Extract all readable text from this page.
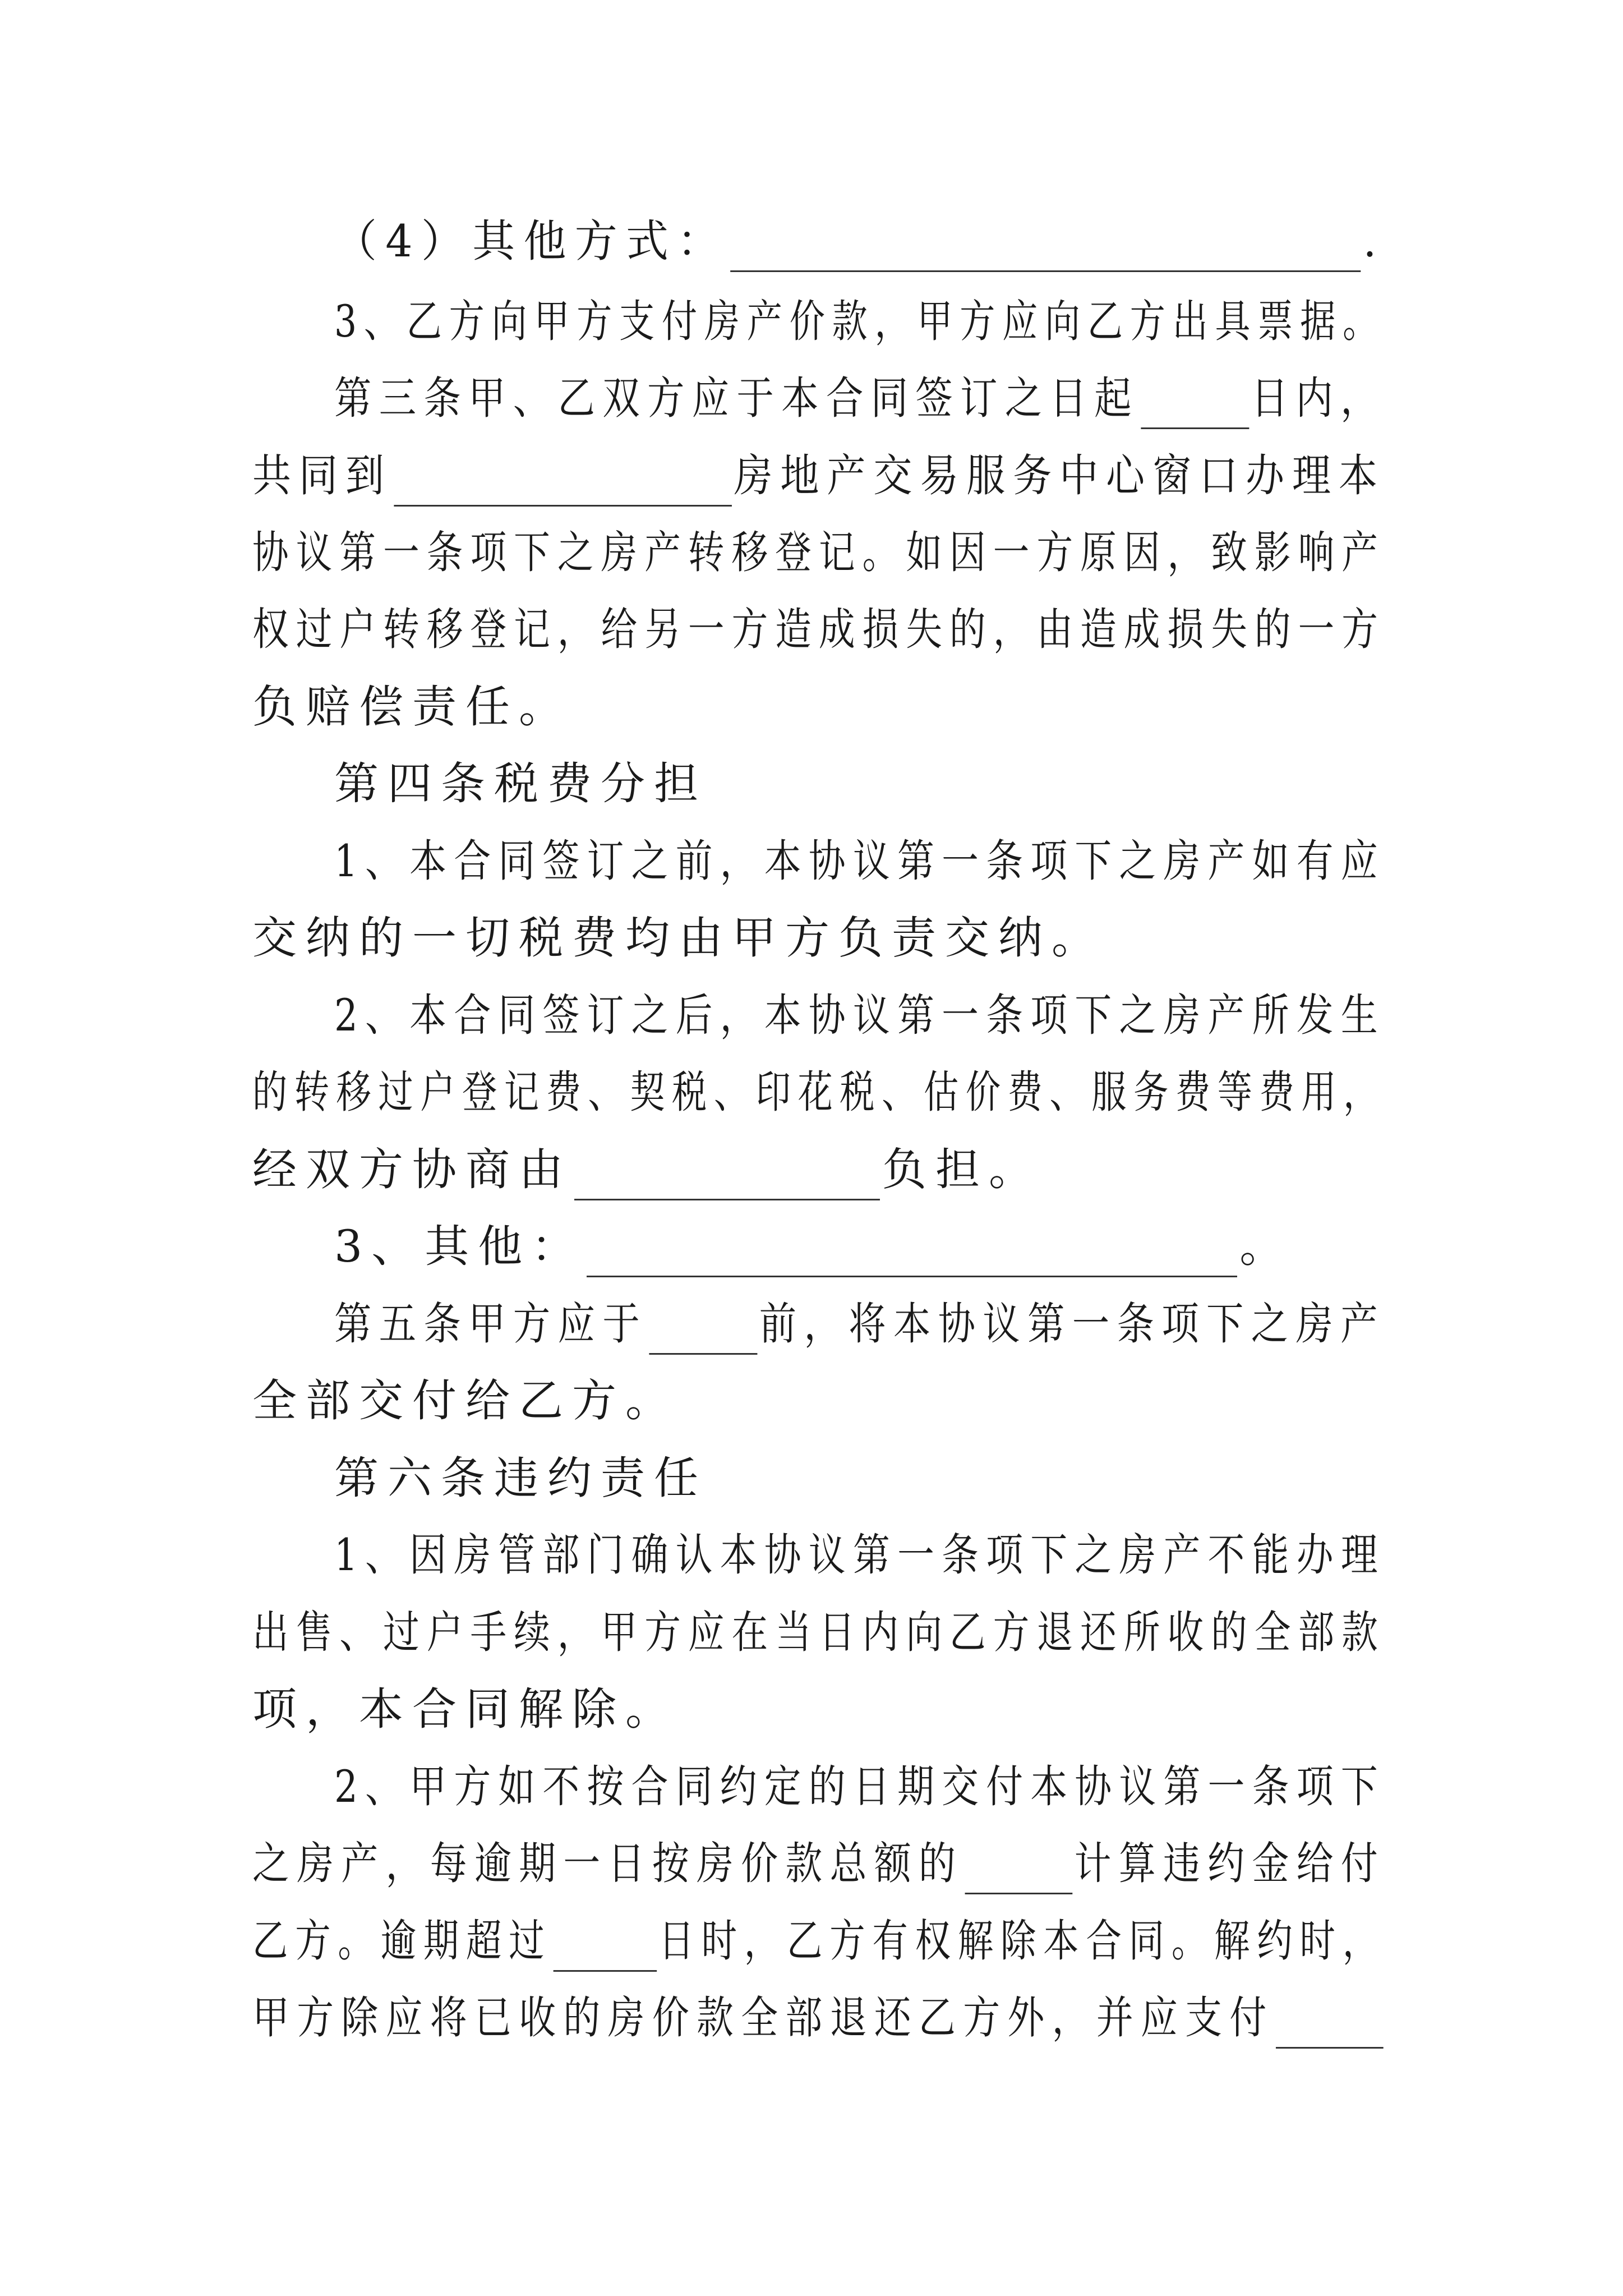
（4）其他方式：	.
3、乙方向甲方支付房产价款，甲方应向乙方出具票据。
第三条甲、乙双方应于本合同签订之日起	日内，
共同到	房地产交易服务中心窗口办理本
协议第一条项下之房产转移登记。如因一方原因，致影响产
权过户转移登记，给另一方造成损失的，由造成损失的一方
负赔偿责任。
第四条税费分担
1、本合同签订之前，本协议第一条项下之房产如有应
交纳的一切税费均由甲方负责交纳。
2、本合同签订之后，本协议第一条项下之房产所发生
的转移过户登记费、契税、印花税、估价费、服务费等费用，
经双方协商由	负担。
3、其他：	。
第五条甲方应于	前，将本协议第一条项下之房产
全部交付给乙方。
第六条违约责任
1、因房管部门确认本协议第一条项下之房产不能办理
出售、过户手续，甲方应在当日内向乙方退还所收的全部款
项，本合同解除。
2、甲方如不按合同约定的日期交付本协议第一条项下
之房产，每逾期一日按房价款总额的	计算违约金给付
乙方。逾期超过 日时，乙方有权解除本合同。解约时，
甲方除应将已收的房价款全部退还乙方外，并应支付
